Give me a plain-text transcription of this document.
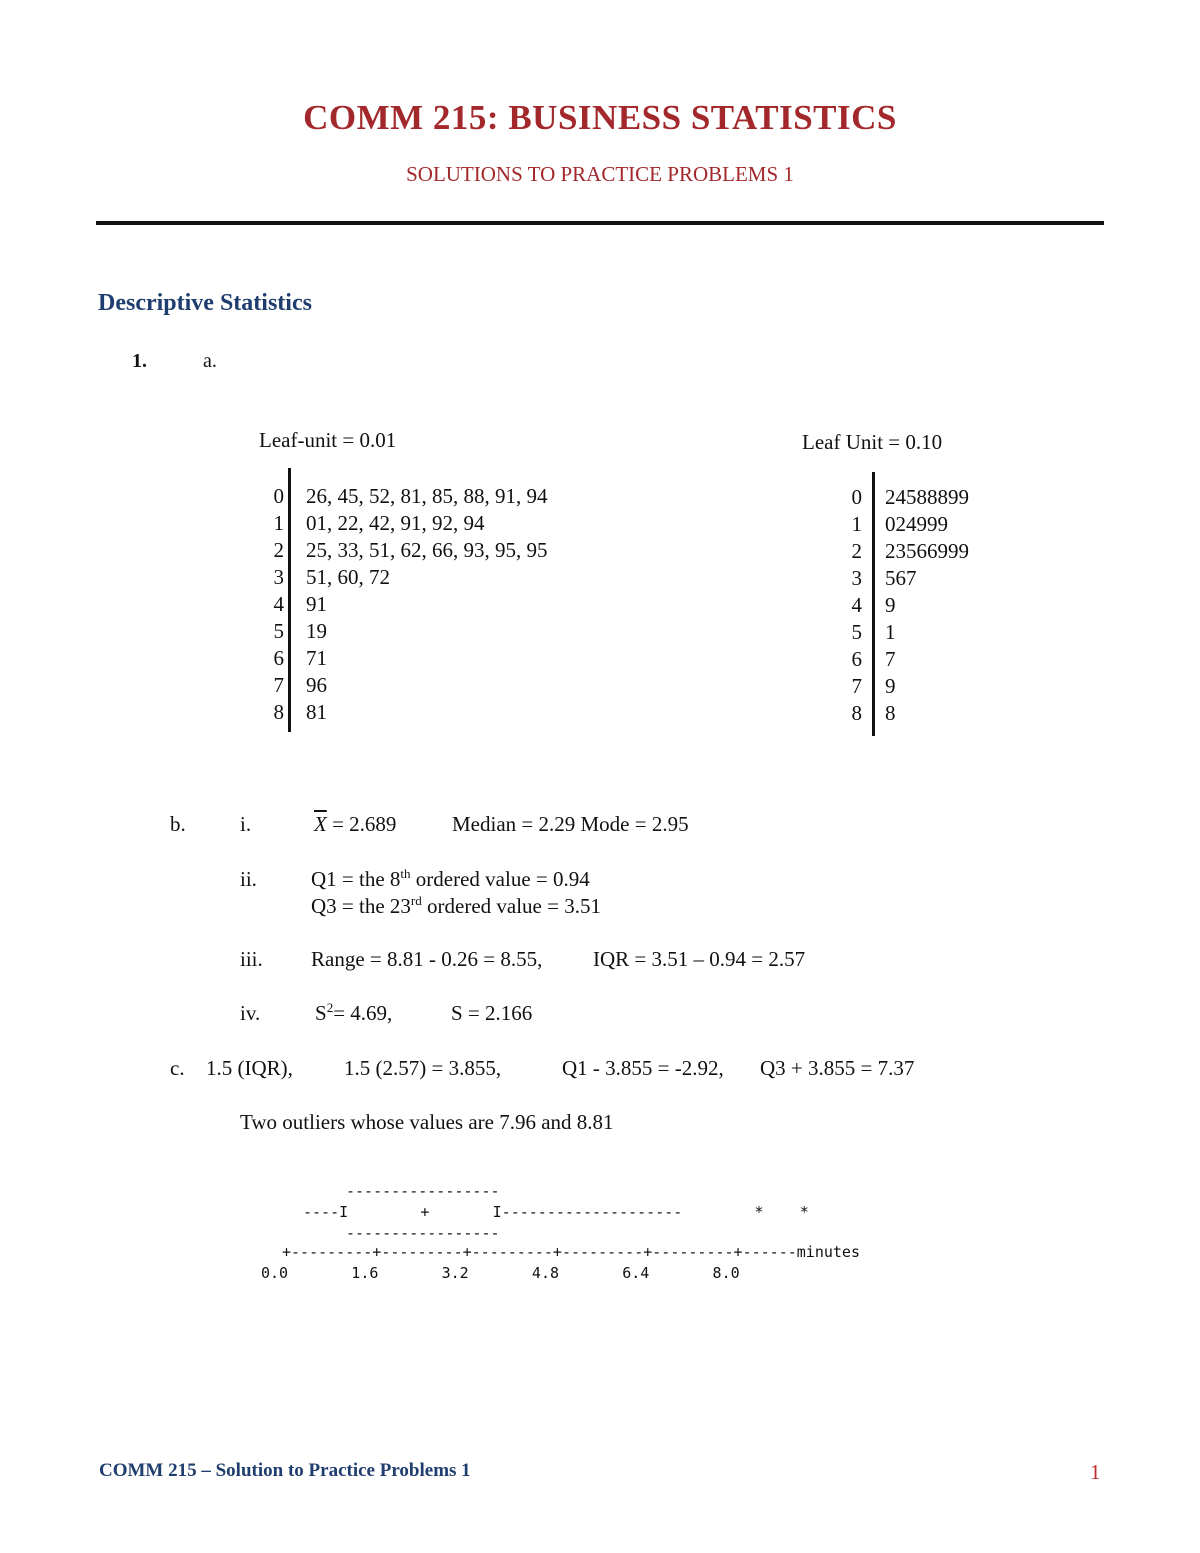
COMM 215: BUSINESS STATISTICS
SOLUTIONS TO PRACTICE PROBLEMS 1
Descriptive Statistics
1.	a.
Leaf-unit = 0.01
0 26, 45, 52, 81, 85, 88, 91, 94
1 01, 22, 42, 91, 92, 94
2 25, 33, 51, 62, 66, 93, 95, 95
3 51, 60, 72
4 91
5 19
6 71
7 96
8 81
Leaf Unit = 0.10
0 24588899
1 024999
2 23566999
3 567
4 9
5 1
6 7
7 9
8 8
b.	i.	$\overline{X} = 2.689$	Median = 2.29 Mode = 2.95
ii.	Q1 = the 8th ordered value = 0.94
Q3 = the 23rd ordered value = 3.51
iii. Range = 8.81 - 0.26 = 8.55, IQR = 3.51 – 0.94 = 2.57
iv.	$S^2= 4.69$,	S = 2.166
c. 1.5 (IQR), 1.5 (2.57) = 3.855,	Q1 - 3.855 = -2.92, Q3 + 3.855 = 7.37
Two outliers whose values are 7.96 and 8.81
-----------------
----I        +       I--------------------        *    *
-----------------
+---------+---------+---------+---------+---------+------minutes
0.0       1.6       3.2       4.8       6.4       8.0
COMM 215 – Solution to Practice Problems 1	1
